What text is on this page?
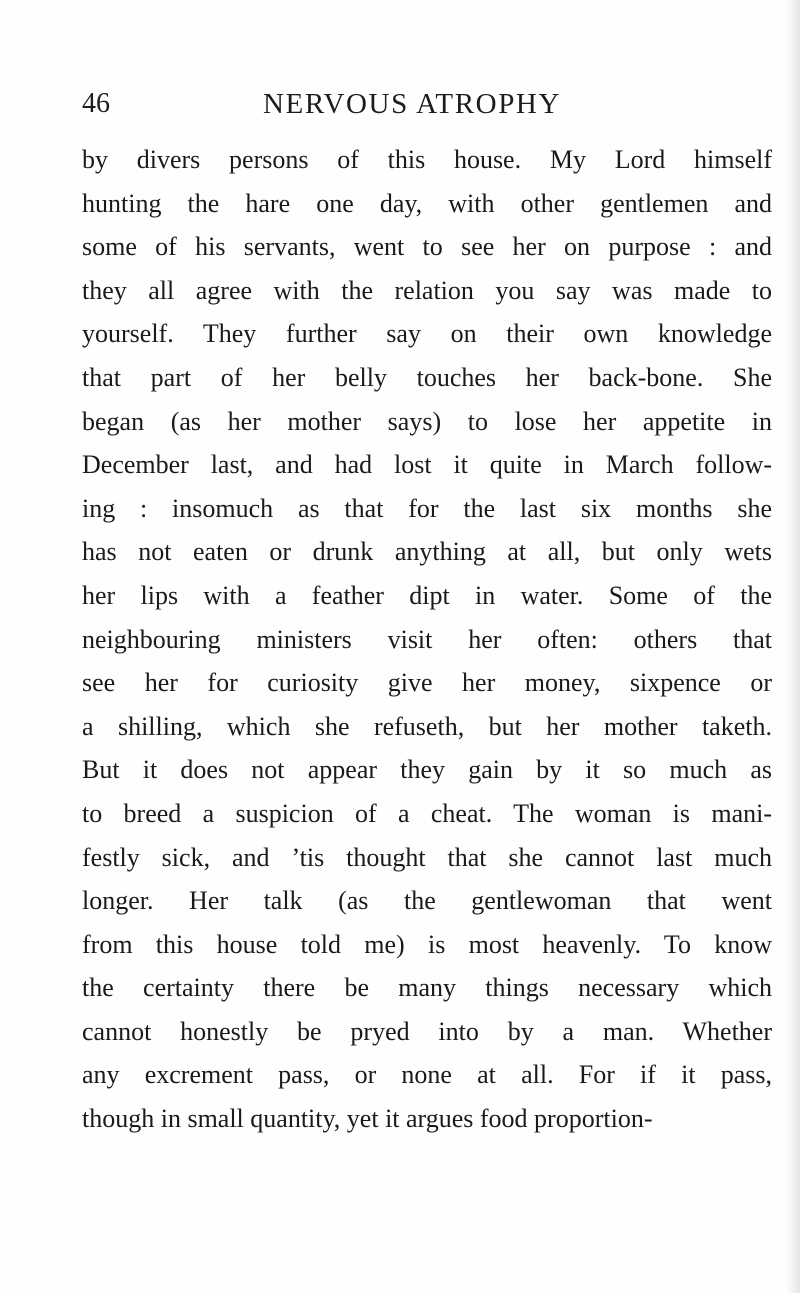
46	NERVOUS ATROPHY
by divers persons of this house. My Lord himself
hunting the hare one day, with other gentlemen and
some of his servants, went to see her on purpose : and
they all agree with the relation you say was made to
yourself. They further say on their own knowledge
that part of her belly touches her back-bone. She
began (as her mother says) to lose her appetite in
December last, and had lost it quite in March follow-
ing : insomuch as that for the last six months she
has not eaten or drunk anything at all, but only wets
her lips with a feather dipt in water. Some of the
neighbouring ministers visit her often: others that
see her for curiosity give her money, sixpence or
a shilling, which she refuseth, but her mother taketh.
But it does not appear they gain by it so much as
to breed a suspicion of a cheat. The woman is mani-
festly sick, and ’tis thought that she cannot last much
longer. Her talk (as the gentlewoman that went
from this house told me) is most heavenly. To know
the certainty there be many things necessary which
cannot honestly be pryed into by a man. Whether
any excrement pass, or none at all. For if it pass,
though in small quantity, yet it argues food proportion-
